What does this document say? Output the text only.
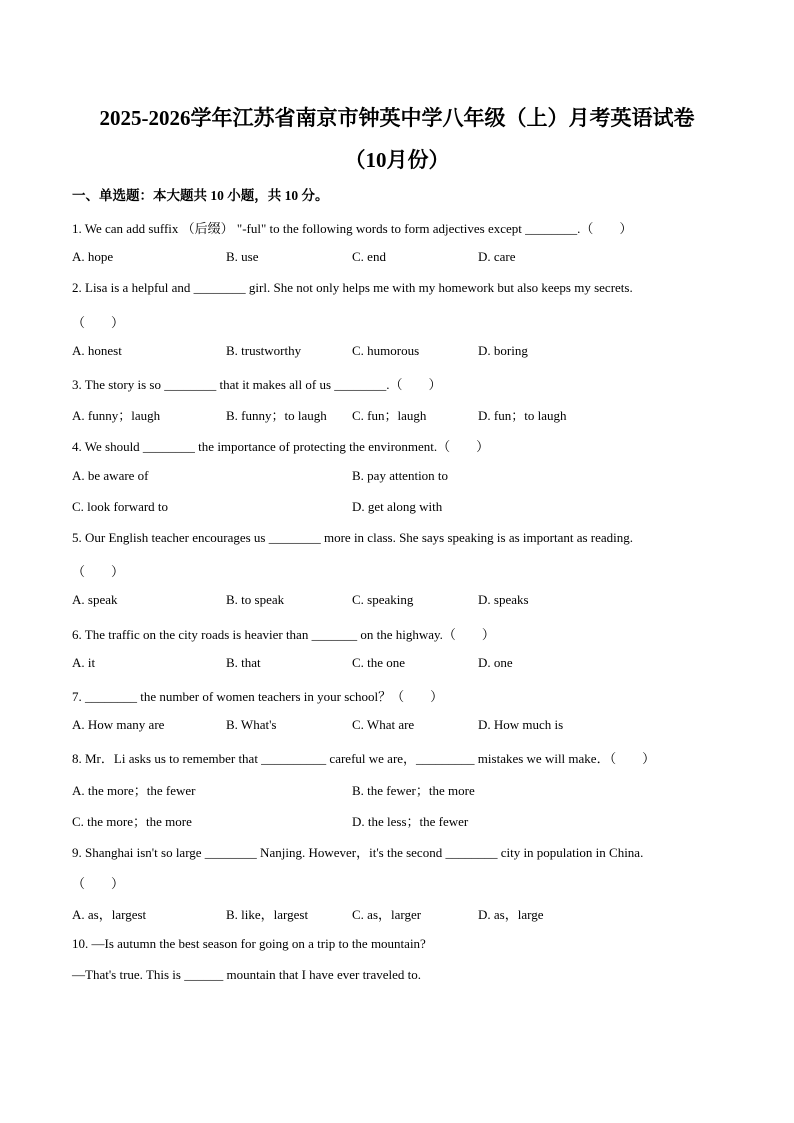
2025-2026学年江苏省南京市钟英中学八年级（上）月考英语试卷
（10月份）
一、单选题：本大题共 10 小题，共 10 分。
1. We can add suffix （后缀） "-ful" to the following words to form adjectives except ________.（　　）
A. hope	B. use	C. end	D. care
2. Lisa is a helpful and ________ girl. She not only helps me with my homework but also keeps my secrets.
（　　）
A. honest	B. trustworthy	C. humorous	D. boring
3. The story is so ________ that it makes all of us ________.（　　）
A. funny；laugh	B. funny；to laugh C. fun；laugh	D. fun；to laugh
4. We should ________ the importance of protecting the environment.（　　）
A. be aware of	B. pay attention to
C. look forward to	D. get along with
5. Our English teacher encourages us ________ more in class. She says speaking is as important as reading.
（　　）
A. speak	B. to speak	C. speaking	D. speaks
6. The traffic on the city roads is heavier than _______ on the highway.（　　）
A. it	B. that	C. the one	D. one
7. ________ the number of women teachers in your school？（　　）
A. How many are	B. What's	C. What are	D. How much is
8. Mr．Li asks us to remember that __________ careful we are，_________ mistakes we will make．（　　）
A. the more；the fewer	B. the fewer；the more
C. the more；the more	D. the less；the fewer
9. Shanghai isn't so large ________ Nanjing. However，it's the second ________ city in population in China.
（　　）
A. as，largest	B. like，largest	C. as，larger	D. as，large
10. —Is autumn the best season for going on a trip to the mountain?
—That's true. This is ______ mountain that I have ever traveled to.
